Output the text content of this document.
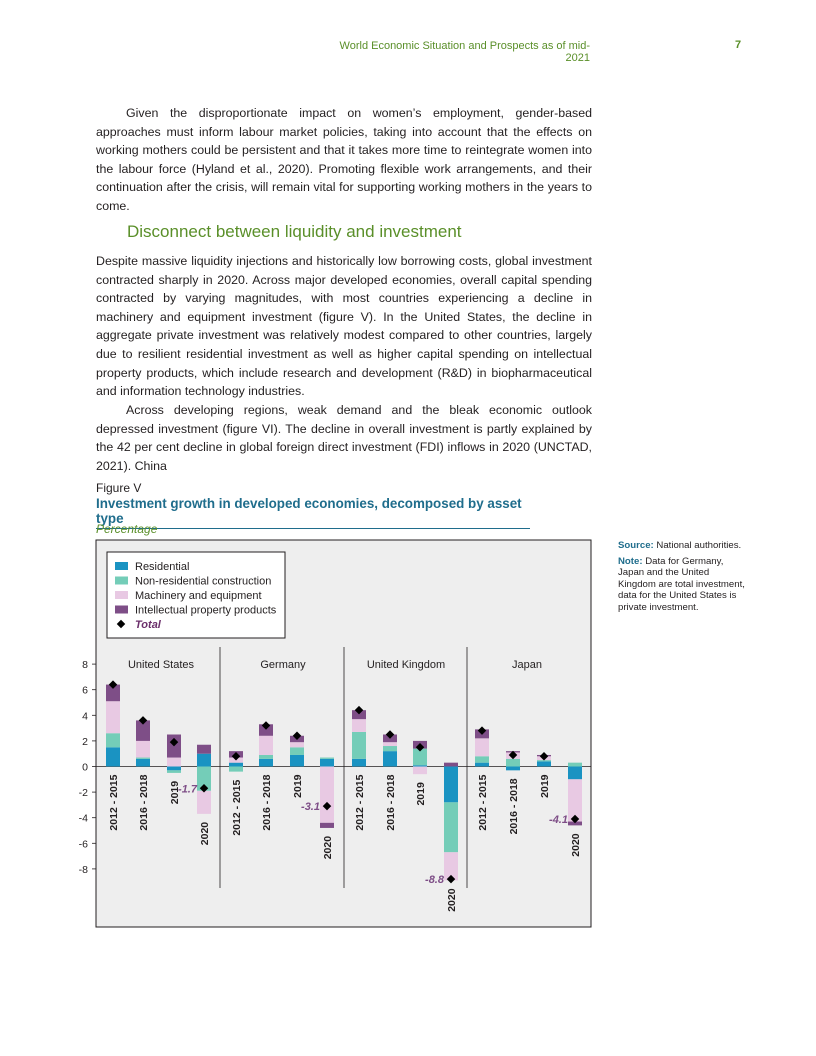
World Economic Situation and Prospects as of mid-2021
7

Given the disproportionate impact on women’s employment, gender-based approaches must inform labour market policies, taking into account that the effects on working mothers could be persistent and that it takes more time to reintegrate women into the labour force (Hyland et al., 2020). Promoting flexible work arrangements, and their continuation after the crisis, will remain vital for supporting working mothers in the years to come.

Disconnect between liquidity and investment

Despite massive liquidity injections and historically low borrowing costs, global investment contracted sharply in 2020. Across major developed economies, overall capital spending contracted by varying magnitudes, with most countries experiencing a decline in machinery and equipment investment (figure V). In the United States, the decline in aggregate private investment was relatively modest compared to other countries, largely due to resilient residential investment as well as higher capital spending on intellectual property products, which include research and development (R&D) in biopharmaceutical and information technology industries.

Across developing regions, weak demand and the bleak economic outlook depressed investment (figure VI). The decline in overall investment is partly explained by the 42 per cent decline in global foreign direct investment (FDI) inflows in 2020 (UNCTAD, 2021). China

Figure V
Investment growth in developed economies, decomposed by asset type
Percentage
8
6
4
2
0
-2
-4
-6
-8
Residential
Non-residential construction
Machinery and equipment
Intellectual property products
Total
United States	Germany	United Kingdom	Japan
2012 - 2015 2016 - 2018 2019
-1.7
2020 2012 - 2015 2016 - 2018 2019
-3.1
2020
2012 - 2015 2016 - 2018 2019
-8.8
2020
2012 - 2015 2016 - 2018 2019
-4.1
2020

Source: National authorities.

Note: Data for Germany, Japan and the United Kingdom are total investment, data for the United States is private investment.
